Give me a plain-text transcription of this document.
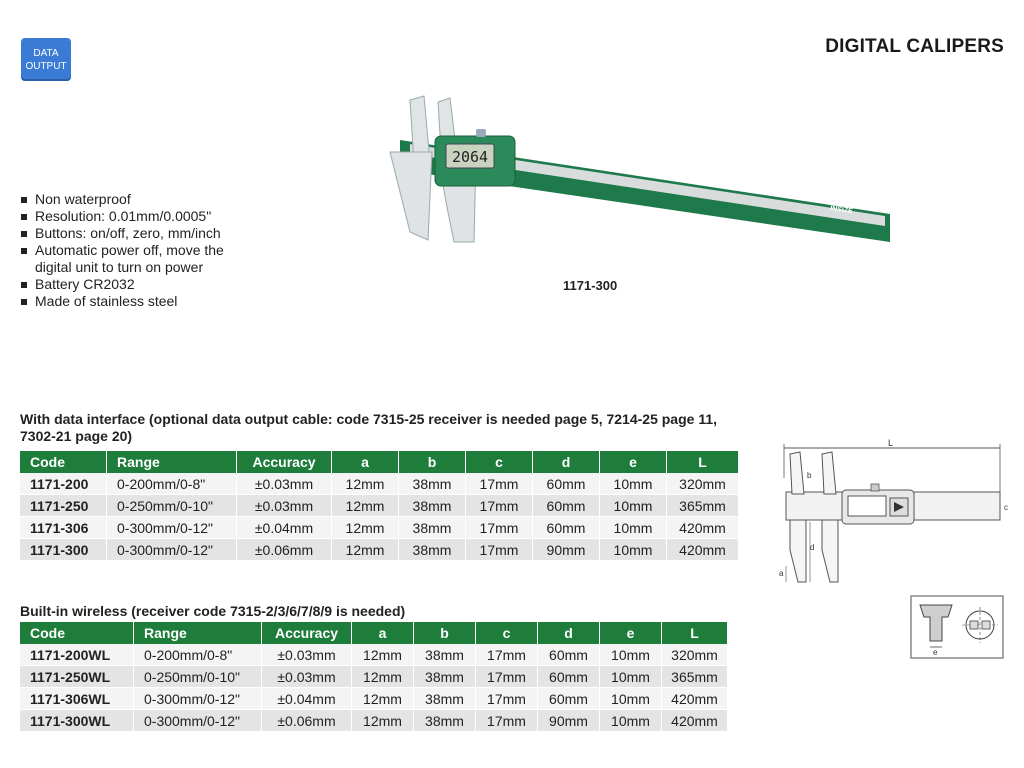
DATA
OUTPUT
DIGITAL CALIPERS
Non waterproof
Resolution: 0.01mm/0.0005"
Buttons: on/off, zero, mm/inch
Automatic power off, move the digital unit to turn on power
Battery CR2032
Made of stainless steel
2064
INSIZE
1171-300
With data interface (optional data output cable: code 7315-25 receiver is needed page 5, 7214-25 page 11, 7302-21 page 20)
Code	Range	Accuracy	a	b	c	d	e	L
1171-200	0-200mm/0-8"	±0.03mm	12mm	38mm	17mm	60mm	10mm	320mm
1171-250	0-250mm/0-10"	±0.03mm	12mm	38mm	17mm	60mm	10mm	365mm
1171-306	0-300mm/0-12"	±0.04mm	12mm	38mm	17mm	60mm	10mm	420mm
1171-300	0-300mm/0-12"	±0.06mm	12mm	38mm	17mm	90mm	10mm	420mm
Built-in wireless (receiver code 7315-2/3/6/7/8/9 is needed)
Code	Range	Accuracy	a	b	c	d	e	L
1171-200WL	0-200mm/0-8"	±0.03mm	12mm	38mm	17mm	60mm	10mm	320mm
1171-250WL	0-250mm/0-10"	±0.03mm	12mm	38mm	17mm	60mm	10mm	365mm
1171-306WL	0-300mm/0-12"	±0.04mm	12mm	38mm	17mm	60mm	10mm	420mm
1171-300WL	0-300mm/0-12"	±0.06mm	12mm	38mm	17mm	90mm	10mm	420mm
L
b
c
d
a
e
